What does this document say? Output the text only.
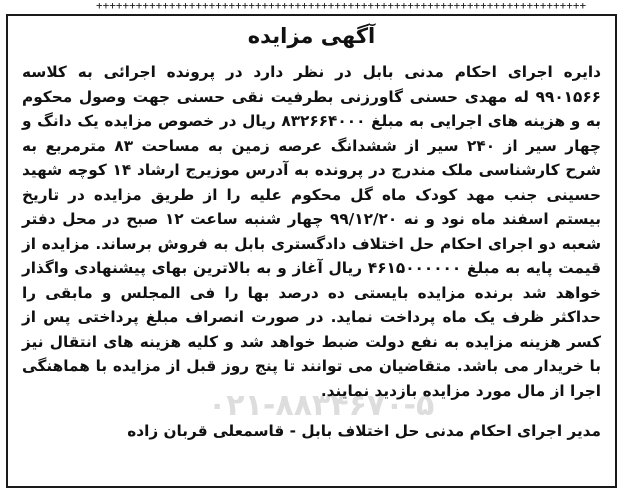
++++++++++++++++++++++++++++++++++++++++++++++++++++++++++++++++++++++++++
آگهی مزایده
دایره اجرای احکام مدنی بابل در نظر دارد در پرونده اجرائی به کلاسه ۹۹۰۱۵۶۶ له مهدی حسنی گاورزنی بطرفیت نقی حسنی جهت وصول محکوم به و هزینه های اجرایی به مبلغ ۸۳۲۶۶۴۰۰۰ ریال در خصوص مزایده یک دانگ و چهار سیر از ۲۴۰ سیر از ششدانگ عرصه زمین به مساحت ۸۳ مترمربع به شرح کارشناسی ملک مندرج در پرونده به آدرس موزیرج ارشاد ۱۴ کوچه شهید حسینی جنب مهد کودک ماه گل محکوم علیه را از طریق مزایده در تاریخ بیستم اسفند ماه نود و نه ۹۹/۱۲/۲۰ چهار شنبه ساعت ۱۲ صبح در محل دفتر شعبه دو اجرای احکام حل اختلاف دادگستری بابل به فروش برساند. مزایده از قیمت پایه به مبلغ ۴۶۱۵۰۰۰۰۰۰ ریال آغاز و به بالاترین بهای پیشنهادی واگذار خواهد شد برنده مزایده بایستی ده درصد بها را فی المجلس و مابقی را حداکثر ظرف یک ماه پرداخت نماید. در صورت انصراف مبلغ پرداختی پس از کسر هزینه مزایده به نفع دولت ضبط خواهد شد و کلیه هزینه های انتقال نیز با خریدار می باشد. متقاضیان می توانند تا پنج روز قبل از مزایده با هماهنگی اجرا از مال مورد مزایده بازدید نمایند.
۰۲۱-۸۸۳۴۶۷۰-۵
مدیر اجرای احکام مدنی حل اختلاف بابل - قاسمعلی قربان زاده
